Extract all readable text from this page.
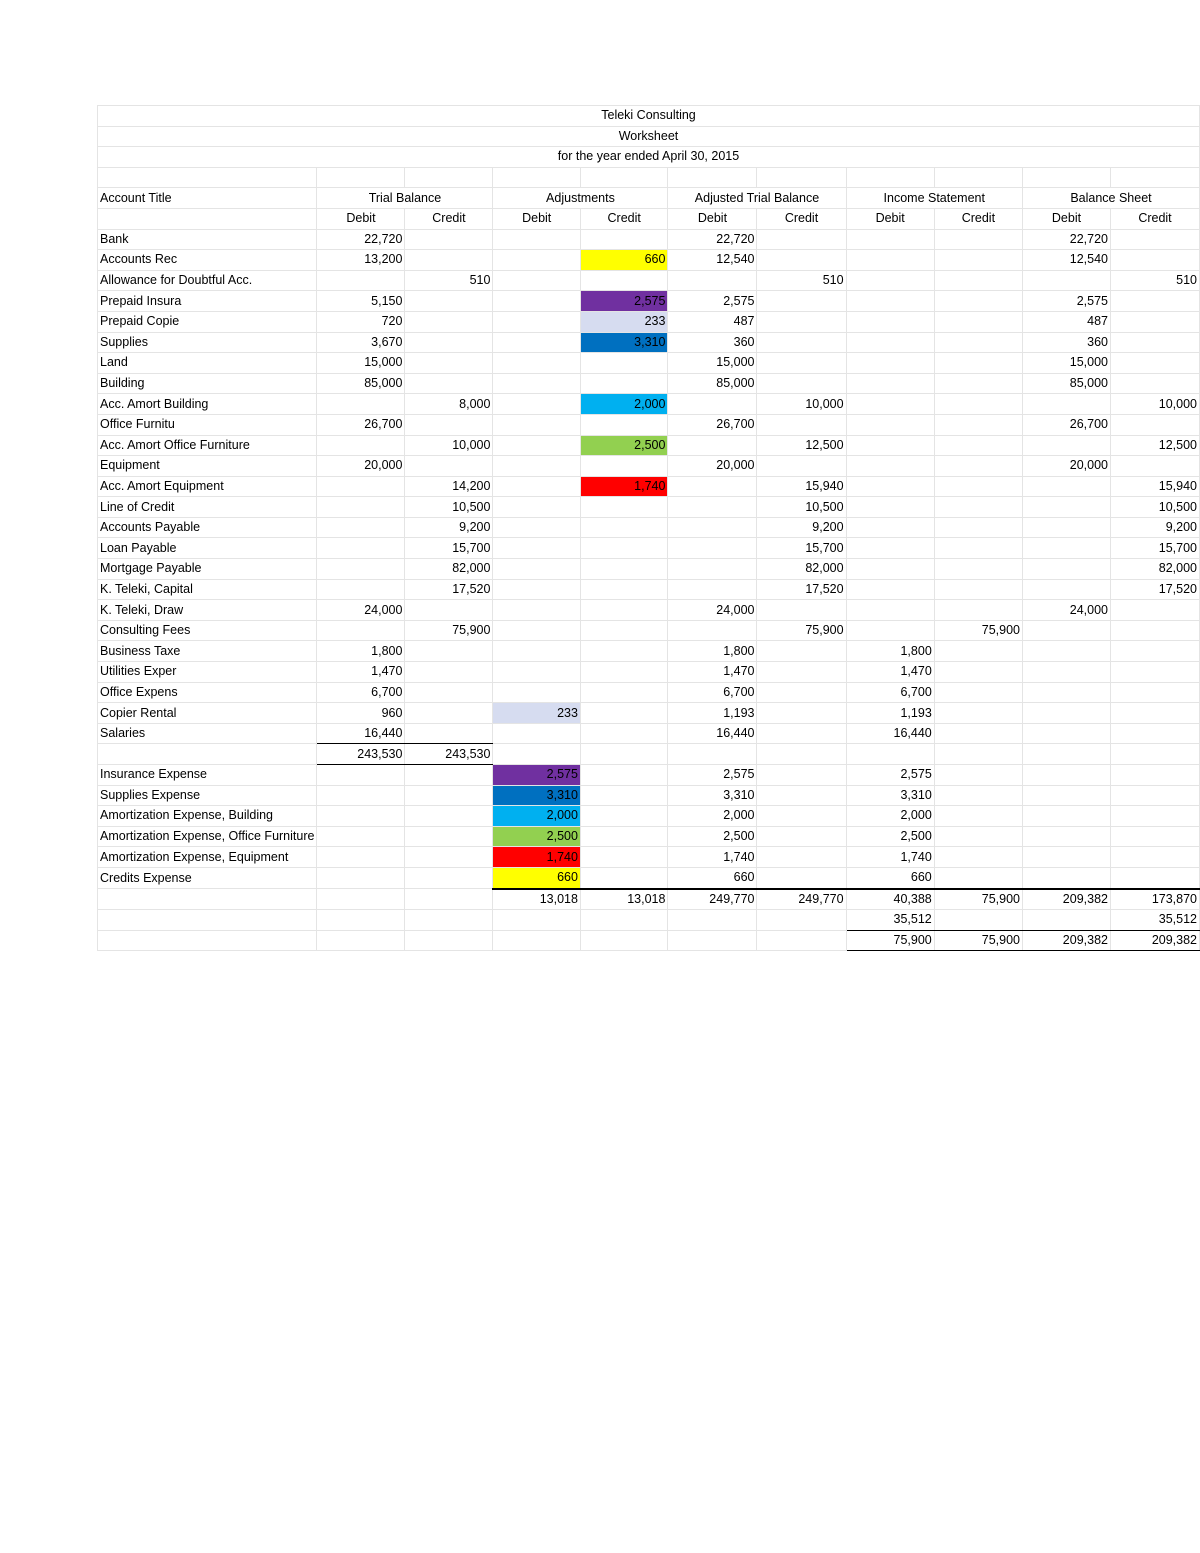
Teleki Consulting										
Worksheet										
for the year ended April 30, 2015										

Account Title	Trial Balance		Adjustments		Adjusted Trial Balance		Income Statement		Balance Sheet	
	Debit	Credit	Debit	Credit	Debit	Credit	Debit	Credit	Debit	Credit
Bank	22,720				22,720				22,720	
Accounts Rec	13,200			660	12,540				12,540	
Allowance for Doubtful Acc.		510				510				510
Prepaid Insura	5,150			2,575	2,575				2,575	
Prepaid Copie	720			233	487				487	
Supplies	3,670			3,310	360				360	
Land	15,000				15,000				15,000	
Building	85,000				85,000				85,000	
Acc. Amort Building		8,000		2,000		10,000				10,000
Office Furnitu	26,700				26,700				26,700	
Acc. Amort Office Furniture		10,000		2,500		12,500				12,500
Equipment	20,000				20,000				20,000	
Acc. Amort Equipment		14,200		1,740		15,940				15,940
Line of Credit		10,500				10,500				10,500
Accounts Payable		9,200				9,200				9,200
Loan Payable		15,700				15,700				15,700
Mortgage Payable		82,000				82,000				82,000
K. Teleki, Capital		17,520				17,520				17,520
K. Teleki, Draw	24,000				24,000				24,000	
Consulting Fees		75,900				75,900		75,900		
Business Taxe	1,800				1,800		1,800			
Utilities Exper	1,470				1,470		1,470			
Office Expens	6,700				6,700		6,700			
Copier Rental	960		233		1,193		1,193			
Salaries	16,440				16,440		16,440			
	243,530	243,530								
Insurance Expense			2,575		2,575		2,575			
Supplies Expense			3,310		3,310		3,310			
Amortization Expense, Building			2,000		2,000		2,000			
Amortization Expense, Office Furniture			2,500		2,500		2,500			
Amortization Expense, Equipment			1,740		1,740		1,740			
Credits Expense			660		660		660			
			13,018	13,018	249,770	249,770	40,388	75,900	209,382	173,870
							35,512			35,512
							75,900	75,900	209,382	209,382
